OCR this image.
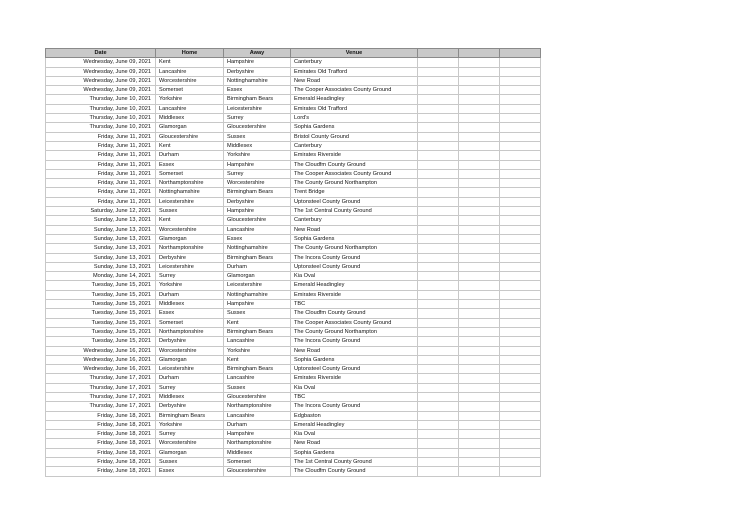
Date	Home	Away	Venue			
Wednesday, June 09, 2021	Kent	Hampshire	Canterbury			
Wednesday, June 09, 2021	Lancashire	Derbyshire	Emirates Old Trafford			
Wednesday, June 09, 2021	Worcestershire	Nottinghamshire	New Road			
Wednesday, June 09, 2021	Somerset	Essex	The Cooper Associates County Ground			
Thursday, June 10, 2021	Yorkshire	Birmingham Bears	Emerald Headingley			
Thursday, June 10, 2021	Lancashire	Leicestershire	Emirates Old Trafford			
Thursday, June 10, 2021	Middlesex	Surrey	Lord's			
Thursday, June 10, 2021	Glamorgan	Gloucestershire	Sophia Gardens			
Friday, June 11, 2021	Gloucestershire	Sussex	Bristol County Ground			
Friday, June 11, 2021	Kent	Middlesex	Canterbury			
Friday, June 11, 2021	Durham	Yorkshire	Emirates Riverside			
Friday, June 11, 2021	Essex	Hampshire	The Cloudfm County Ground			
Friday, June 11, 2021	Somerset	Surrey	The Cooper Associates County Ground			
Friday, June 11, 2021	Northamptonshire	Worcestershire	The County Ground Northampton			
Friday, June 11, 2021	Nottinghamshire	Birmingham Bears	Trent Bridge			
Friday, June 11, 2021	Leicestershire	Derbyshire	Uptonsteel County Ground			
Saturday, June 12, 2021	Sussex	Hampshire	The 1st Central County Ground			
Sunday, June 13, 2021	Kent	Gloucestershire	Canterbury			
Sunday, June 13, 2021	Worcestershire	Lancashire	New Road			
Sunday, June 13, 2021	Glamorgan	Essex	Sophia Gardens			
Sunday, June 13, 2021	Northamptonshire	Nottinghamshire	The County Ground Northampton			
Sunday, June 13, 2021	Derbyshire	Birmingham Bears	The Incora County Ground			
Sunday, June 13, 2021	Leicestershire	Durham	Uptonsteel County Ground			
Monday, June 14, 2021	Surrey	Glamorgan	Kia Oval			
Tuesday, June 15, 2021	Yorkshire	Leicestershire	Emerald Headingley			
Tuesday, June 15, 2021	Durham	Nottinghamshire	Emirates Riverside			
Tuesday, June 15, 2021	Middlesex	Hampshire	TBC			
Tuesday, June 15, 2021	Essex	Sussex	The Cloudfm County Ground			
Tuesday, June 15, 2021	Somerset	Kent	The Cooper Associates County Ground			
Tuesday, June 15, 2021	Northamptonshire	Birmingham Bears	The County Ground Northampton			
Tuesday, June 15, 2021	Derbyshire	Lancashire	The Incora County Ground			
Wednesday, June 16, 2021	Worcestershire	Yorkshire	New Road			
Wednesday, June 16, 2021	Glamorgan	Kent	Sophia Gardens			
Wednesday, June 16, 2021	Leicestershire	Birmingham Bears	Uptonsteel County Ground			
Thursday, June 17, 2021	Durham	Lancashire	Emirates Riverside			
Thursday, June 17, 2021	Surrey	Sussex	Kia Oval			
Thursday, June 17, 2021	Middlesex	Gloucestershire	TBC			
Thursday, June 17, 2021	Derbyshire	Northamptonshire	The Incora County Ground			
Friday, June 18, 2021	Birmingham Bears	Lancashire	Edgbaston			
Friday, June 18, 2021	Yorkshire	Durham	Emerald Headingley			
Friday, June 18, 2021	Surrey	Hampshire	Kia Oval			
Friday, June 18, 2021	Worcestershire	Northamptonshire	New Road			
Friday, June 18, 2021	Glamorgan	Middlesex	Sophia Gardens			
Friday, June 18, 2021	Sussex	Somerset	The 1st Central County Ground			
Friday, June 18, 2021	Essex	Gloucestershire	The Cloudfm County Ground			
